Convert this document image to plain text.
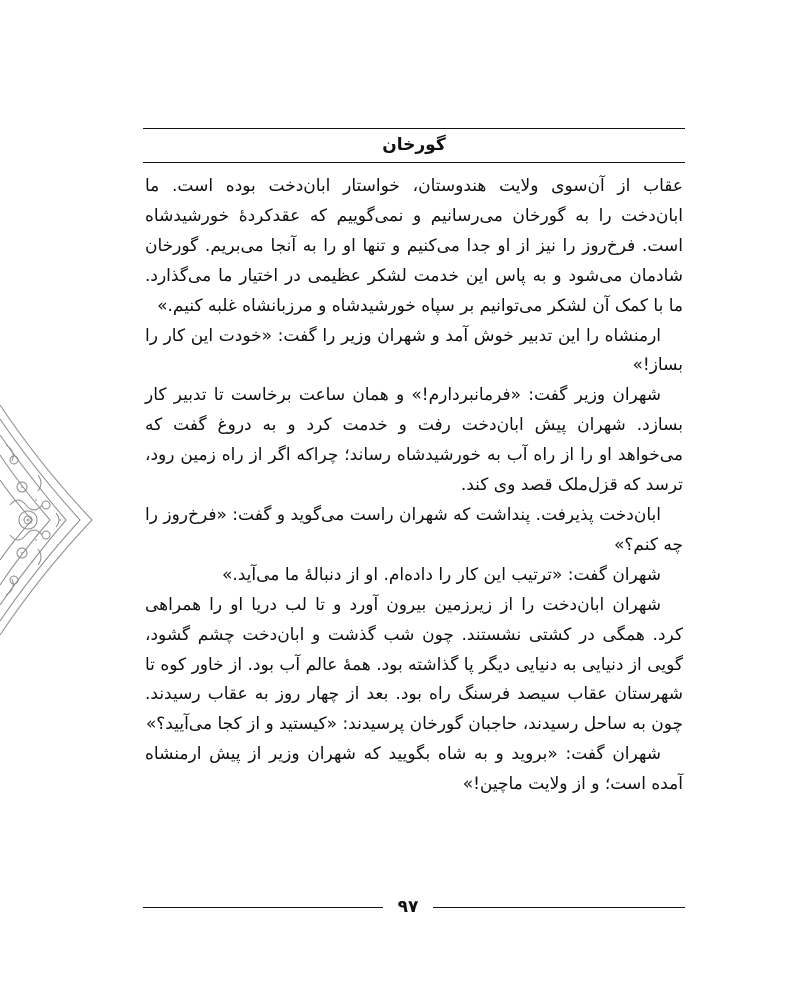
گورخان

عقاب از آن‌سوی ولایت هندوستان، خواستار ابان‌دخت بوده است. ما ابان‌دخت را به گورخان می‌رسانیم و نمی‌گوییم که عقدکردهٔ خورشیدشاه است. فرخ‌روز را نیز از او جدا می‌کنیم و تنها او را به آنجا می‌بریم. گورخان شادمان می‌شود و به پاس این خدمت لشکر عظیمی در اختیار ما می‌گذارد. ما با کمک آن لشکر می‌توانیم بر سپاه خورشیدشاه و مرزبانشاه غلبه کنیم.»

ارمنشاه را این تدبیر خوش آمد و شهران وزیر را گفت: «خودت این کار را بساز!»

شهران وزیر گفت: «فرمانبردارم!» و همان ساعت برخاست تا تدبیر کار بسازد. شهران پیش ابان‌دخت رفت و خدمت کرد و به دروغ گفت که می‌خواهد او را از راه آب به خورشیدشاه رساند؛ چراکه اگر از راه زمین رود، ترسد که قزل‌ملک قصد وی کند.

ابان‌دخت پذیرفت. پنداشت که شهران راست می‌گوید و گفت: «فرخ‌روز را چه کنم؟»

شهران گفت: «ترتیب این کار را داده‌ام. او از دنبالهٔ ما می‌آید.»

شهران ابان‌دخت را از زیرزمین بیرون آورد و تا لب دریا او را همراهی کرد. همگی در کشتی نشستند. چون شب گذشت و ابان‌دخت چشم گشود، گویی از دنیایی به دنیایی دیگر پا گذاشته بود. همهٔ عالم آب بود. از خاور کوه تا شهرستان عقاب سیصد فرسنگ راه بود. بعد از چهار روز به عقاب رسیدند. چون به ساحل رسیدند، حاجبان گورخان پرسیدند: «کیستید و از کجا می‌آیید؟»

شهران گفت: «بروید و به شاه بگویید که شهران وزیر از پیش ارمنشاه آمده است؛ و از ولایت ماچین!»

۹۷
